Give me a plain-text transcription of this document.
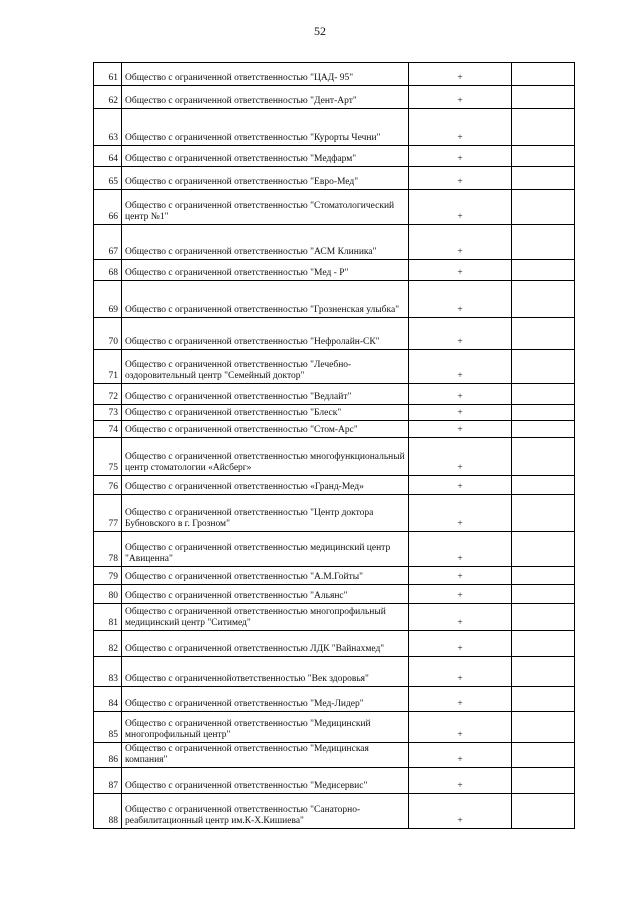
52
61	Общество с ограниченной ответственностью "ЦАД- 95"	+	
62	Общество с ограниченной ответственностью "Дент-Арт"	+	
63	Общество с ограниченной ответственностью "Курорты Чечни"	+	
64	Общество с ограниченной ответственностью "Медфарм"	+	
65	Общество с ограниченной ответственностью "Евро-Мед"	+	
66	Общество с ограниченной ответственностью "Стоматологический центр №1"	+	
67	Общество с ограниченной ответственностью "АСМ Клиника"	+	
68	Общество с ограниченной ответственностью "Мед - Р"	+	
69	Общество с ограниченной ответственностью "Грозненская улыбка"	+	
70	Общество с ограниченной ответственностью "Нефролайн-СК"	+	
71	Общество с ограниченной ответственностью "Лечебно-оздоровительный центр "Семейный доктор"	+	
72	Общество с ограниченной ответственностью "Ведлайт"	+	
73	Общество с ограниченной ответственностью "Блеск"	+	
74	Общество с ограниченной ответственностью "Стом-Арс"	+	
75	Общество с ограниченной ответственностью многофункциональный центр стоматологии «Айсберг»	+	
76	Общество с ограниченной ответственностью «Гранд-Мед»	+	
77	Общество с ограниченной ответственностью "Центр доктора Бубновского в г. Грозном"	+	
78	Общество с ограниченной ответственностью медицинский центр "Авиценна"	+	
79	Общество с ограниченной ответственностью "А.М.Гойты"	+	
80	Общество с ограниченной ответственностью "Альянс"	+	
81	Общество с ограниченной ответственностью многопрофильный медицинский центр "Ситимед"	+	
82	Общество с ограниченной ответственностью ЛДК "Вайнахмед"	+	
83	Общество с ограниченнойответственностью "Век здоровья"	+	
84	Общество с ограниченной ответственностью "Мед-Лидер"	+	
85	Общество с ограниченной ответственностью "Медицинский многопрофильный центр"	+	
86	Общество с ограниченной ответственностью "Медицинская компания"	+	
87	Общество с ограниченной ответственностью "Медисервис"	+	
88	Общество с ограниченной ответственностью "Санаторно-реабилитационный центр им.К-Х.Кишиева"	+	
